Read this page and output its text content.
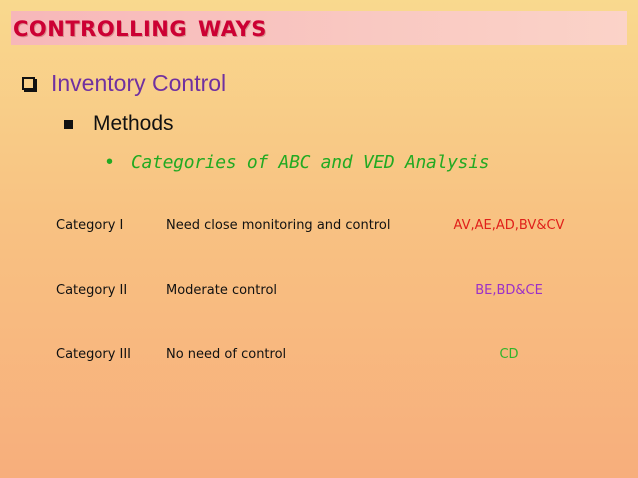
controlling ways
Inventory Control
Methods
• Categories of ABC and VED Analysis
Category I	Need close monitoring and control	AV,AE,AD,BV&CV
Category II	Moderate control	BE,BD&CE
Category III	No need of control	CD
